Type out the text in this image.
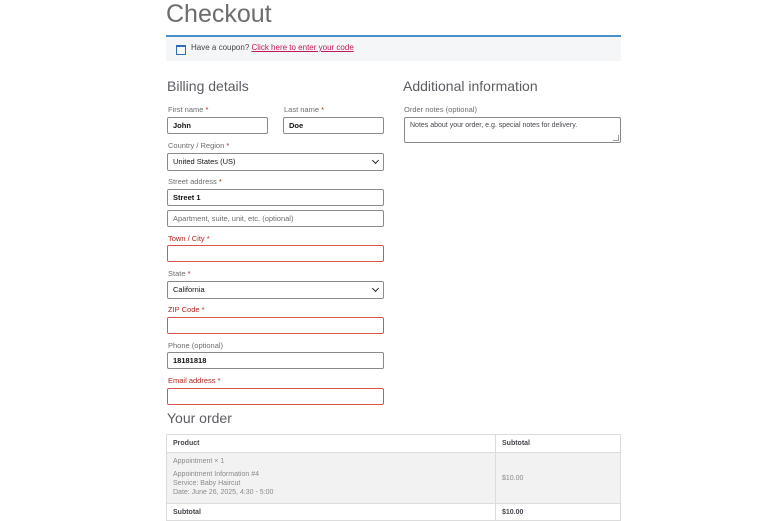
Checkout
Have a coupon? Click here to enter your code
Billing details
First name *
John
Last name *
Doe
Country / Region *
United States (US)
Street address *
Street 1
Apartment, suite, unit, etc. (optional)
Town / City *
State *
California
ZIP Code *
Phone (optional)
18181818
Email address *
Additional information
Order notes (optional)
Notes about your order, e.g. special notes for delivery.
Your order
Product	Subtotal

Appointment × 1
Appointment Information #4
Service: Baby Haircut
Date: June 26, 2025, 4:30 - 5:00	$10.00
Subtotal	$10.00
